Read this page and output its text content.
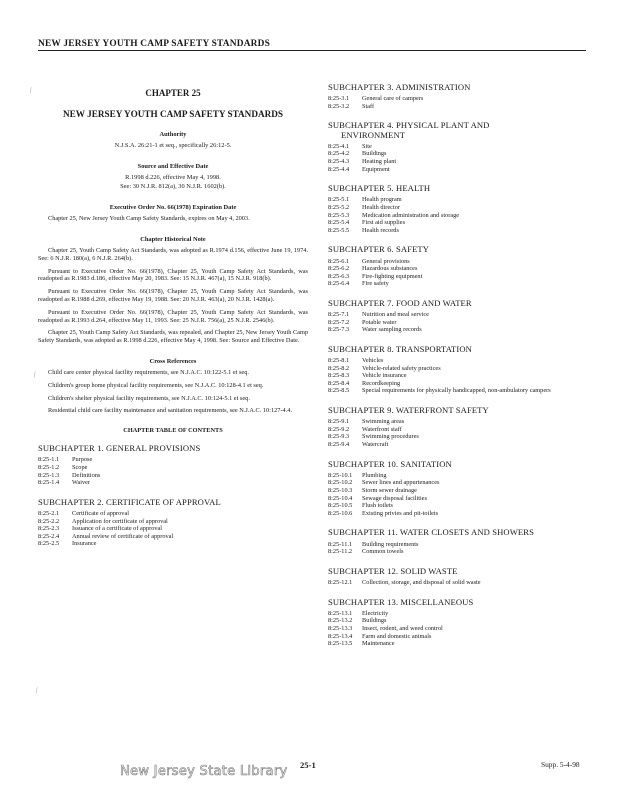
NEW JERSEY YOUTH CAMP SAFETY STANDARDS
∕
∕
∕
CHAPTER 25
NEW JERSEY YOUTH CAMP SAFETY STANDARDS
Authority
N.J.S.A. 26:21-1 et seq., specifically 26:12-5.
Source and Effective Date
R.1998 d.226, effective May 4, 1998.
See: 30 N.J.R. 812(a), 30 N.J.R. 1602(b).
Executive Order No. 66(1978) Expiration Date

Chapter 25, New Jersey Youth Camp Safety Standards, expires on May 4, 2003.

Chapter Historical Note

Chapter 25, Youth Camp Safety Act Standards, was adopted as R.1974 d.156, effective June 19, 1974. See: 6 N.J.R. 180(a), 6 N.J.R. 264(b).

Pursuant to Executive Order No. 66(1978), Chapter 25, Youth Camp Safety Act Standards, was readopted as R.1983 d.186, effective May 20, 1983. See: 15 N.J.R. 467(a), 15 N.J.R. 918(b).

Pursuant to Executive Order No. 66(1978), Chapter 25, Youth Camp Safety Act Standards, was readopted as R.1988 d.269, effective May 19, 1988. See: 20 N.J.R. 463(a), 20 N.J.R. 1428(a).

Pursuant to Executive Order No. 66(1978), Chapter 25, Youth Camp Safety Act Standards, was readopted as R.1993 d.264, effective May 11, 1993. See: 25 N.J.R. 756(a), 25 N.J.R. 2546(b).

Chapter 25, Youth Camp Safety Act Standards, was repealed, and Chapter 25, New Jersey Youth Camp Safety Standards, was adopted as R.1998 d.226, effective May 4, 1998. See: Source and Effective Date.

Cross References

Child care center physical facility requirements, see N.J.A.C. 10:122-5.1 et seq.

Children's group home physical facility requirements, see N.J.A.C. 10:128-4.1 et seq.

Children's shelter physical facility requirements, see N.J.A.C. 10:124-5.1 et seq.

Residential child care facility maintenance and sanitation requirements, see N.J.A.C. 10:127-4.4.

CHAPTER TABLE OF CONTENTS
SUBCHAPTER 1. GENERAL PROVISIONS
8:25-1.1	Purpose
8:25-1.2	Scope
8:25-1.3	Definitions
8:25-1.4	Waiver
SUBCHAPTER 2. CERTIFICATE OF APPROVAL
8:25-2.1	Certificate of approval
8:25-2.2	Application for certificate of approval
8:25-2.3	Issuance of a certificate of approval
8:25-2.4	Annual review of certificate of approval
8:25-2.5	Insurance
SUBCHAPTER 3. ADMINISTRATION
8:25-3.1	General care of campers
8:25-3.2	Staff
SUBCHAPTER 4. PHYSICAL PLANT AND
ENVIRONMENT
8:25-4.1	Site
8:25-4.2	Buildings
8:25-4.3	Heating plant
8:25-4.4	Equipment
SUBCHAPTER 5. HEALTH
8:25-5.1	Health program
8:25-5.2	Health director
8:25-5.3	Medication administration and storage
8:25-5.4	First aid supplies
8:25-5.5	Health records
SUBCHAPTER 6. SAFETY
8:25-6.1	General provisions
8:25-6.2	Hazardous substances
8:25-6.3	Fire-fighting equipment
8:25-6.4	Fire safety
SUBCHAPTER 7. FOOD AND WATER
8:25-7.1	Nutrition and meal service
8:25-7.2	Potable water
8:25-7.3	Water sampling records
SUBCHAPTER 8. TRANSPORTATION
8:25-8.1	Vehicles
8:25-8.2	Vehicle-related safety practices
8:25-8.3	Vehicle insurance
8:25-8.4	Recordkeeping
8:25-8.5	Special requirements for physically handicapped, non-ambulatory campers
SUBCHAPTER 9. WATERFRONT SAFETY
8:25-9.1	Swimming areas
8:25-9.2	Waterfront staff
8:25-9.3	Swimming procedures
8:25-9.4	Watercraft
SUBCHAPTER 10. SANITATION
8:25-10.1	Plumbing
8:25-10.2	Sewer lines and appurtenances
8:25-10.3	Storm sewer drainage
8:25-10.4	Sewage disposal facilities
8:25-10.5	Flush toilets
8:25-10.6	Existing privies and pit-toilets
SUBCHAPTER 11. WATER CLOSETS AND SHOWERS
8:25-11.1	Building requirements
8:25-11.2	Common towels
SUBCHAPTER 12. SOLID WASTE
8:25-12.1	Collection, storage, and disposal of solid waste
SUBCHAPTER 13. MISCELLANEOUS
8:25-13.1	Electricity
8:25-13.2	Buildings
8:25-13.3	Insect, rodent, and weed control
8:25-13.4	Farm and domestic animals
8:25-13.5	Maintenance
New Jersey State Library 25-1	Supp. 5-4-98
